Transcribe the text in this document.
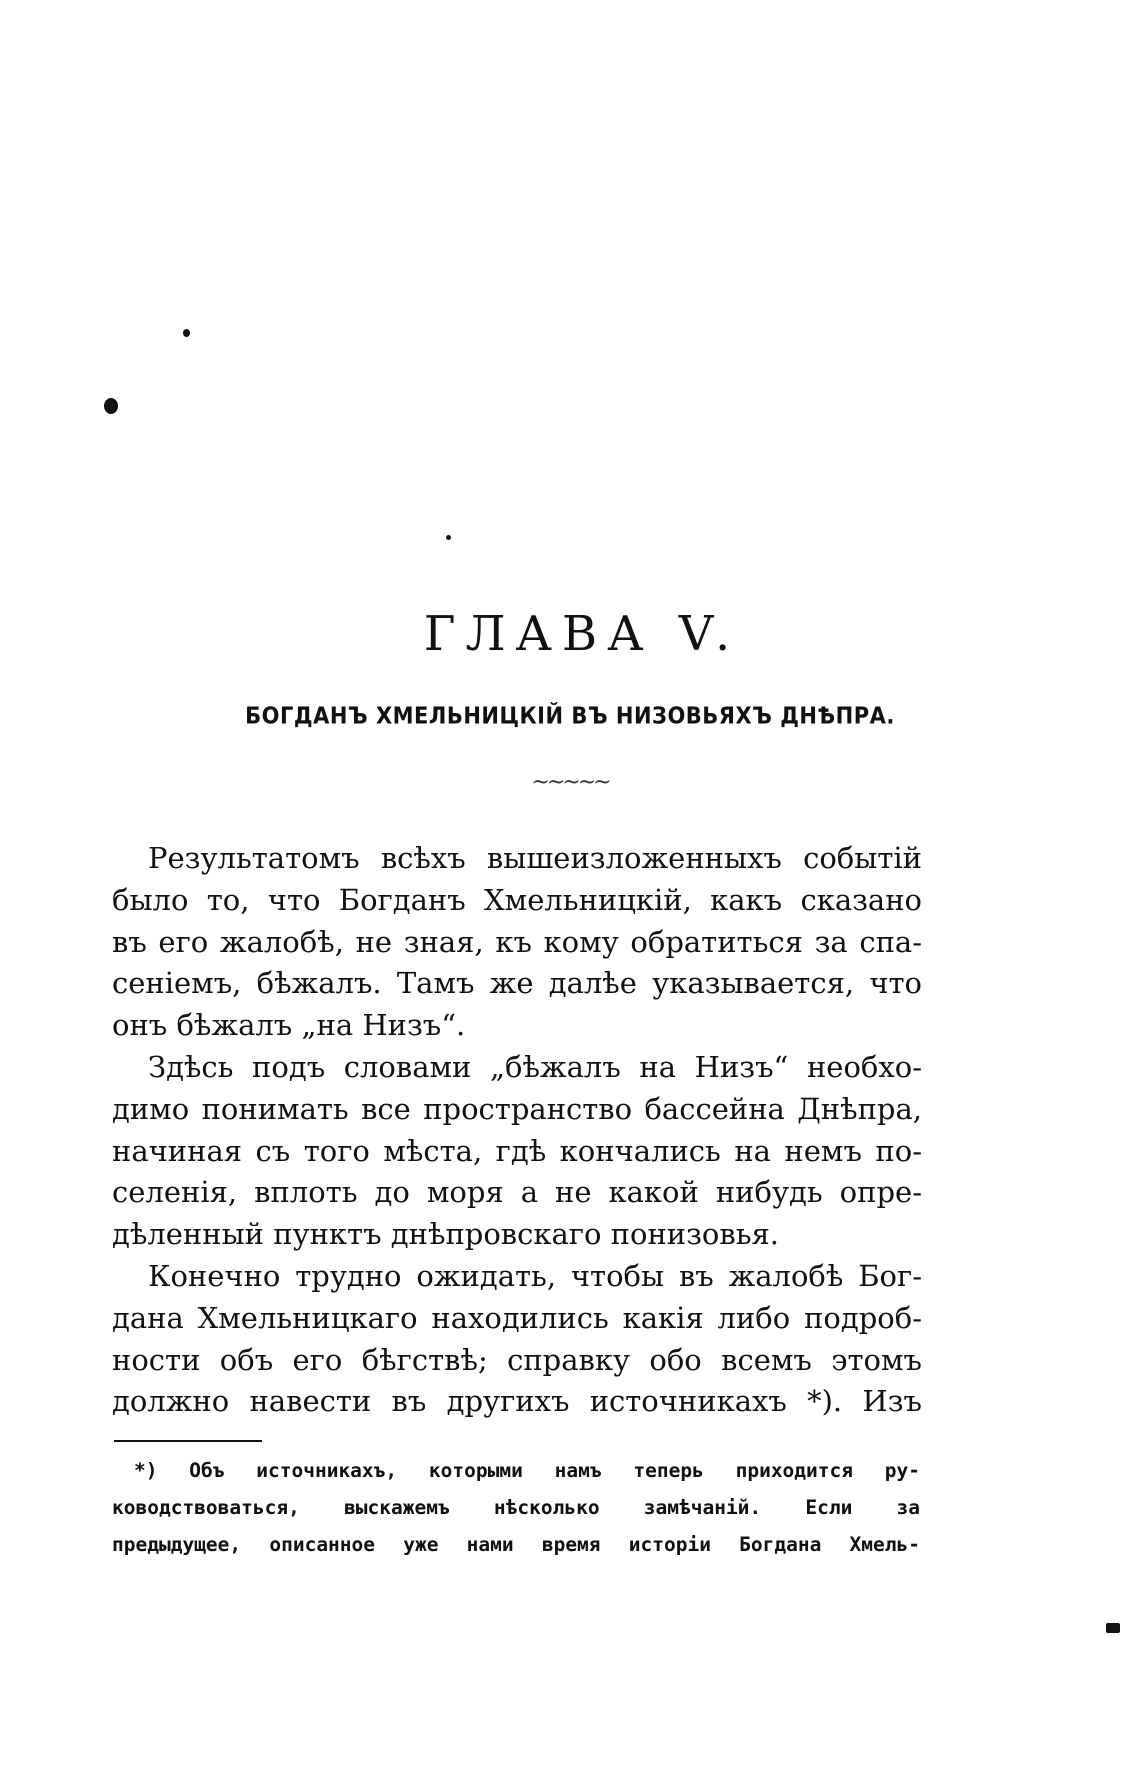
ГЛАВА V.
БОГДАНЪ ХМЕЛЬНИЦКІЙ ВЪ НИЗОВЬЯХЪ ДНѢПРА.
~~~~~
Результатомъ всѣхъ вышеизложенныхъ событій
было то, что Богданъ Хмельницкій, какъ сказано
въ его жалобѣ, не зная, къ кому обратиться за спа-
сеніемъ, бѣжалъ. Тамъ же далѣе указывается, что
онъ бѣжалъ „на Низъ“.
Здѣсь подъ словами „бѣжалъ на Низъ“ необхо-
димо понимать все пространство бассейна Днѣпра,
начиная съ того мѣста, гдѣ кончались на немъ по-
селенія, вплоть до моря а не какой нибудь опре-
дѣленный пунктъ днѣпровскаго понизовья.
Конечно трудно ожидать, чтобы въ жалобѣ Бог-
дана Хмельницкаго находились какія либо подроб-
ности объ его бѣгствѣ; справку обо всемъ этомъ
должно навести въ другихъ источникахъ *). Изъ
*) Объ источникахъ, которыми намъ теперь приходится ру-
ководствоваться, выскажемъ нѣсколько замѣчаній. Если за
предыдущее, описанное уже нами время исторіи Богдана Хмель-
